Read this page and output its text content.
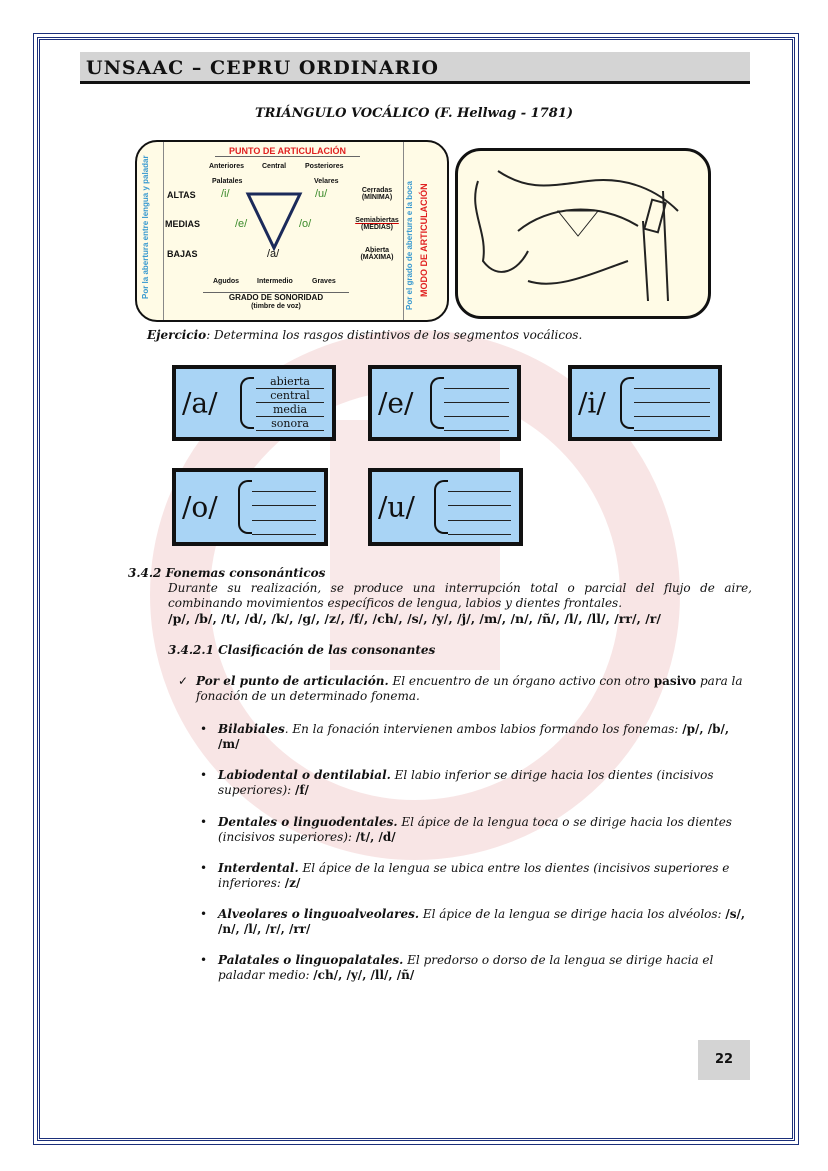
UNSAAC – CEPRU ORDINARIO
TRIÁNGULO VOCÁLICO (F. Hellwag - 1781)
Por la abertura entre lengua y paladar	Por el grado de abertura e la boca MODO DE ARTICULACIÓN
PUNTO DE ARTICULACIÓN
Anteriores	Central	Posteriores
Palatales	Velares
ALTAS
MEDIAS
BAJAS
/i/	/u/
/e/	/o/
/a/
Cerradas
(MÍNIMA)
Semiabiertas
(MEDIAS)
Abierta
(MÁXIMA)
Agudos	Intermedio	Graves
GRADO DE SONORIDAD
(timbre de voz)
Ejercicio: Determina los rasgos distintivos de los segmentos vocálicos.
/a/
abierta
central
media
sonora
/e/	/i/
/o/	/u/
3.4.2 Fonemas consonánticos
Durante su realización, se produce una interrupción total o parcial del flujo de aire, combinando movimientos específicos de lengua, labios y dientes frontales.
/p/, /b/, /t/, /d/, /k/, /g/, /z/, /f/, /ch/, /s/, /y/, /j/, /m/, /n/, /ñ/, /l/, /ll/, /rr/, /r/
3.4.2.1 Clasificación de las consonantes
✓ Por el punto de articulación. El encuentro de un órgano activo con otro pasivo para la fonación de un determinado fonema.
• Bilabiales. En la fonación intervienen ambos labios formando los fonemas: /p/, /b/, /m/
• Labiodental o dentilabial. El labio inferior se dirige hacia los dientes (incisivos superiores): /f/
• Dentales o linguodentales. El ápice de la lengua toca o se dirige hacia los dientes (incisivos superiores): /t/, /d/
• Interdental. El ápice de la lengua se ubica entre los dientes (incisivos superiores e inferiores: /z/
• Alveolares o linguoalveolares. El ápice de la lengua se dirige hacia los alvéolos: /s/, /n/, /l/, /r/, /rr/
• Palatales o linguopalatales. El predorso o dorso de la lengua se dirige hacia el paladar medio: /ch/, /y/, /ll/, /ñ/
22
